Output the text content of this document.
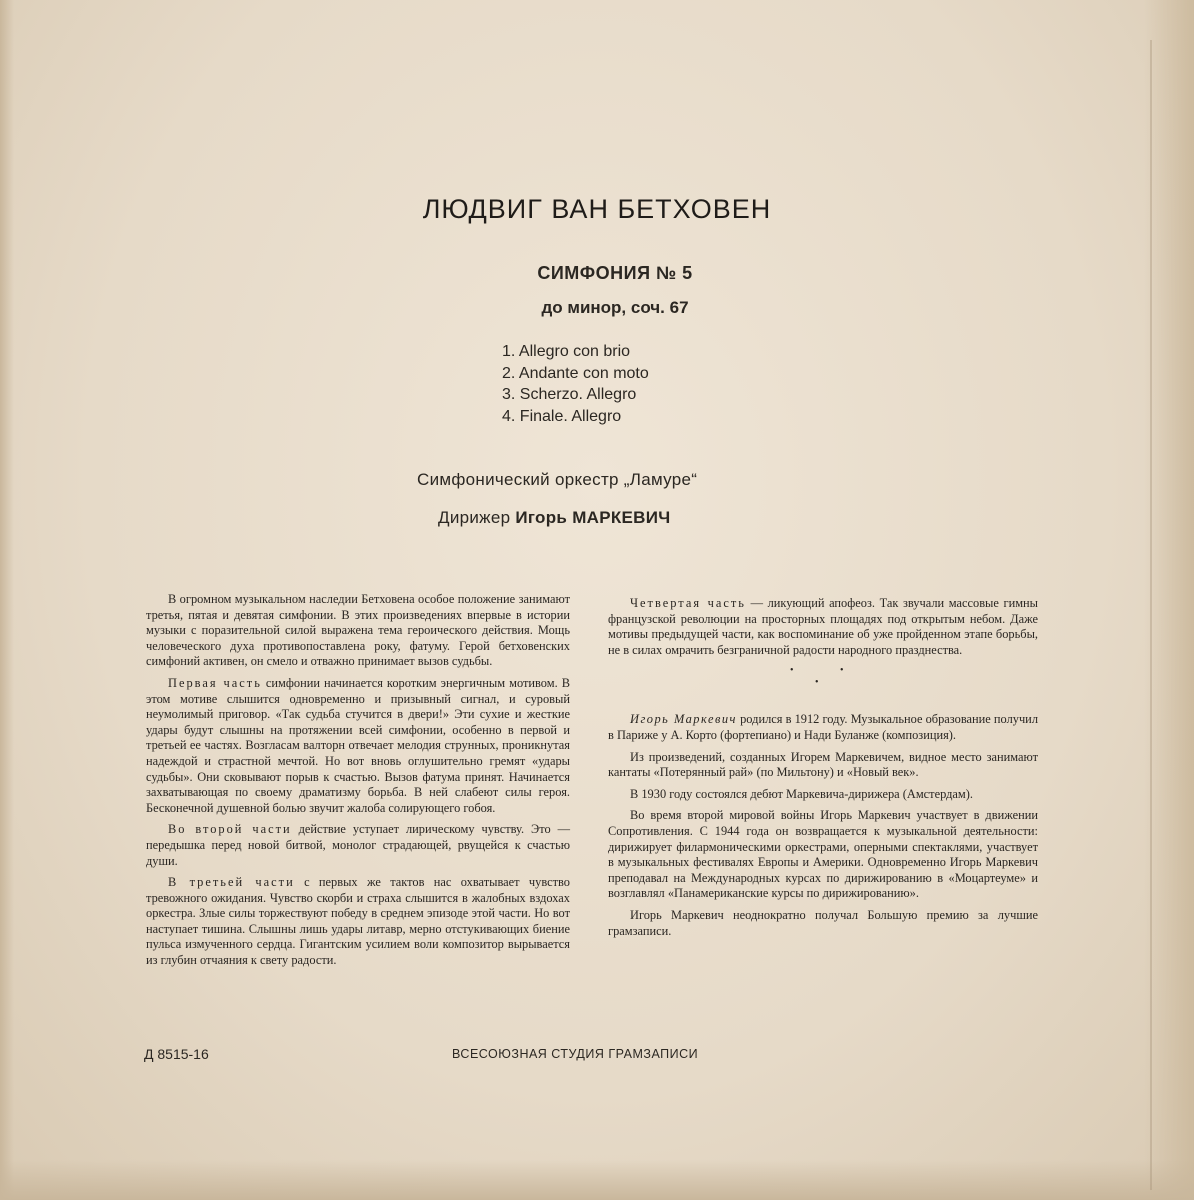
ЛЮДВИГ ВАН БЕТХОВЕН
СИМФОНИЯ № 5
до минор, соч. 67
1. Allegro con brio
2. Andante con moto
3. Scherzo. Allegro
4. Finale. Allegro
Симфонический оркестр „Ламуре“
Дирижер Игорь МАРКЕВИЧ

В огромном музыкальном наследии Бетховена особое положение занимают третья, пятая и девятая симфонии. В этих произведениях впервые в истории музыки с поразительной силой выражена тема героического действия. Мощь человеческого духа противопоставлена року, фатуму. Герой бетховенских симфоний активен, он смело и отважно принимает вызов судьбы.

Первая часть симфонии начинается коротким энергичным мотивом. В этом мотиве слышится одновременно и призывный сигнал, и суровый неумолимый приговор. «Так судьба стучится в двери!» Эти сухие и жесткие удары будут слышны на протяжении всей симфонии, особенно в первой и третьей ее частях. Возгласам валторн отвечает мелодия струнных, проникнутая надеждой и страстной мечтой. Но вот вновь оглушительно гремят «удары судьбы». Они сковывают порыв к счастью. Вызов фатума принят. Начинается захватывающая по своему драматизму борьба. В ней слабеют силы героя. Бесконечной душевной болью звучит жалоба солирующего гобоя.

Во второй части действие уступает лирическому чувству. Это — передышка перед новой битвой, монолог страдающей, рвущейся к счастью души.

В третьей части с первых же тактов нас охватывает чувство тревожного ожидания. Чувство скорби и страха слышится в жалобных вздохах оркестра. Злые силы торжествуют победу в среднем эпизоде этой части. Но вот наступает тишина. Слышны лишь удары литавр, мерно отстукивающих биение пульса измученного сердца. Гигантским усилием воли композитор вырывается из глубин отчаяния к свету радости.

Четвертая часть — ликующий апофеоз. Так звучали массовые гимны французской революции на просторных площадях под открытым небом. Даже мотивы предыдущей части, как воспоминание об уже пройденном этапе борьбы, не в силах омрачить безграничной радости народного празднества.

•	•
•

Игорь Маркевич родился в 1912 году. Музыкальное образование получил в Париже у А. Корто (фортепиано) и Нади Буланже (композиция).

Из произведений, созданных Игорем Маркевичем, видное место занимают кантаты «Потерянный рай» (по Мильтону) и «Новый век».

В 1930 году состоялся дебют Маркевича-дирижера (Амстердам).

Во время второй мировой войны Игорь Маркевич участвует в движении Сопротивления. С 1944 года он возвращается к музыкальной деятельности: дирижирует филармоническими оркестрами, оперными спектаклями, участвует в музыкальных фестивалях Европы и Америки. Одновременно Игорь Маркевич преподавал на Международных курсах по дирижированию в «Моцартеуме» и возглавлял «Панамериканские курсы по дирижированию».

Игорь Маркевич неоднократно получал Большую премию за лучшие грамзаписи.

Д 8515-16	ВСЕСОЮЗНАЯ СТУДИЯ ГРАМЗАПИСИ
